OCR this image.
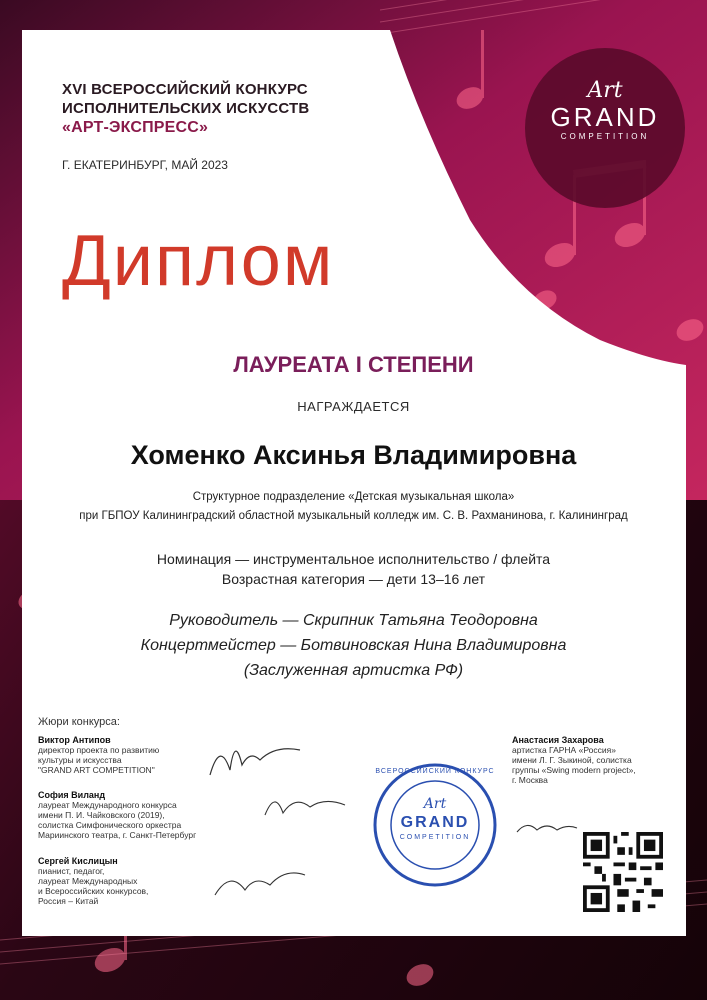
Art
GRAND
COMPETITION
XVI ВСЕРОССИЙСКИЙ КОНКУРС
ИСПОЛНИТЕЛЬСКИХ ИСКУССТВ
«АРТ-ЭКСПРЕСС»
Г. ЕКАТЕРИНБУРГ, МАЙ 2023
Диплом
ЛАУРЕАТА I СТЕПЕНИ
НАГРАЖДАЕТСЯ
Хоменко Аксинья Владимировна
Структурное подразделение «Детская музыкальная школа»
при ГБПОУ Калининградский областной музыкальный колледж им. С. В. Рахманинова, г. Калининград
Номинация — инструментальное исполнительство / флейта
Возрастная категория — дети 13–16 лет
Руководитель — Скрипник Татьяна Теодоровна
Концертмейстер — Ботвиновская Нина Владимировна
(Заслуженная артистка РФ)
Жюри конкурса:
Виктор Антипов
директор проекта по развитию
культуры и искусства
"GRAND ART COMPETITION"
София Виланд
лауреат Международного конкурса
имени П. И. Чайковского (2019),
солистка Симфонического оркестра
Мариинского театра, г. Санкт-Петербург
Сергей Кислицын
пианист, педагог,
лауреат Международных
и Всероссийских конкурсов,
Россия – Китай
Анастасия Захарова
артистка ГАРНА «Россия»
имени Л. Г. Зыкиной, солистка
группы «Swing modern project»,
г. Москва
ВСЕРОССИЙСКИЙ КОНКУРС
Art
GRAND
COMPETITION
